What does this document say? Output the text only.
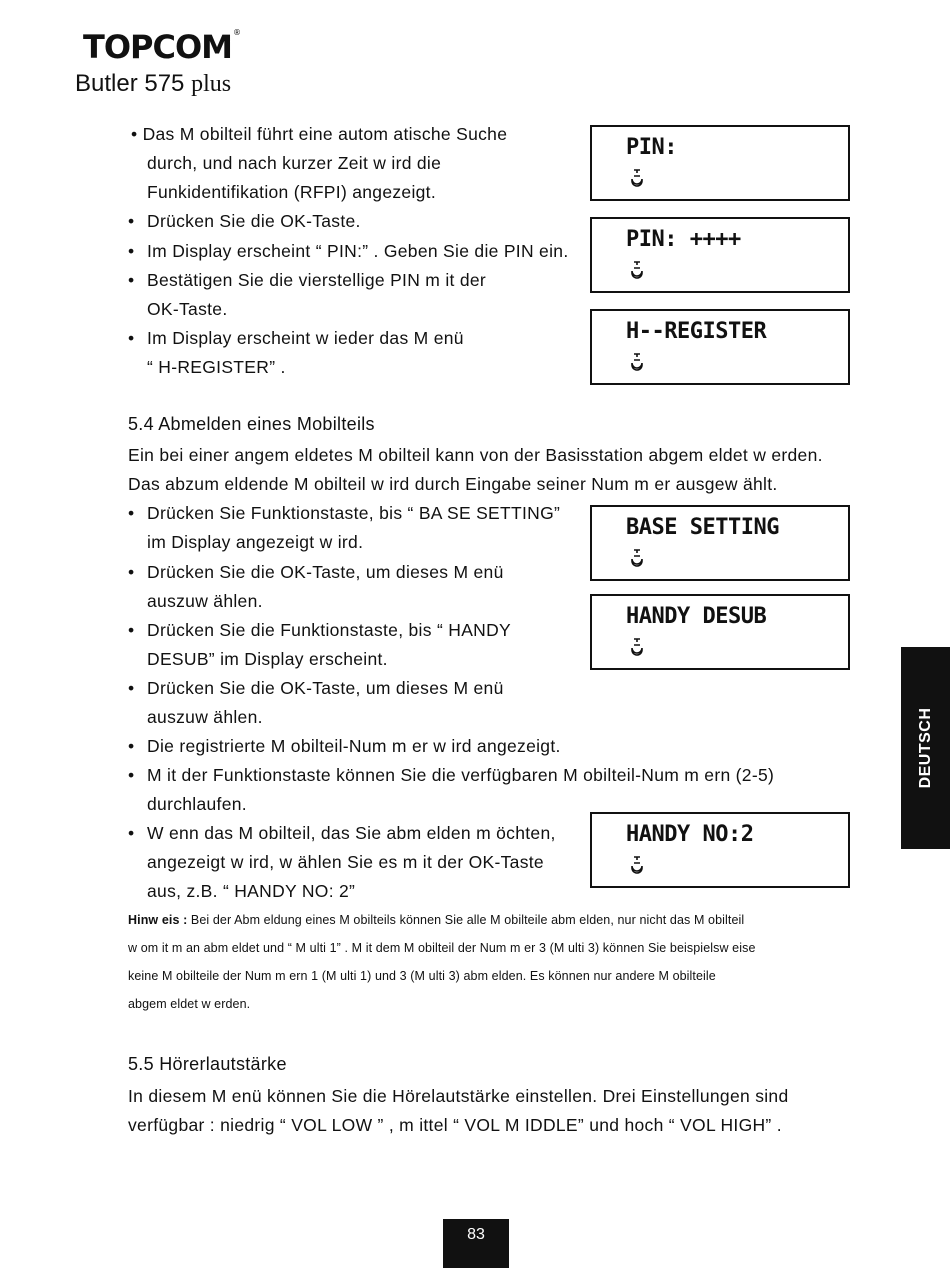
TOPCOM®
Butler 575 plus
• Das M obilteil führt eine autom atische Suche
durch, und nach kurzer Zeit w ird die
Funkidentifikation (RFPI) angezeigt.
• Drücken Sie die OK-Taste.
• Im Display erscheint “ PIN:” . Geben Sie die PIN ein.
• Bestätigen Sie die vierstellige PIN m it der
OK-Taste.
• Im Display erscheint w ieder das M enü
“ H-REGISTER” .
PIN:
PIN: ++++
H--REGISTER
BASE SETTING
HANDY DESUB
HANDY NO:2
5.4 Abmelden eines Mobilteils
Ein bei einer angem eldetes M obilteil kann von der Basisstation abgem eldet w erden.
Das abzum eldende M obilteil w ird durch Eingabe seiner Num m er ausgew ählt.
• Drücken Sie Funktionstaste, bis “ BA SE SETTING”
im Display angezeigt w ird.
• Drücken Sie die OK-Taste, um dieses M enü
auszuw ählen.
• Drücken Sie die Funktionstaste, bis “ HANDY
DESUB” im Display erscheint.
• Drücken Sie die OK-Taste, um dieses M enü
auszuw ählen.
• Die registrierte M obilteil-Num m er w ird angezeigt.
• M it der Funktionstaste können Sie die verfügbaren M obilteil-Num m ern (2-5)
durchlaufen.
• W enn das M obilteil, das Sie abm elden m öchten,
angezeigt w ird, w ählen Sie es m it der OK-Taste
aus, z.B. “ HANDY NO: 2”
Hinw eis : Bei der Abm eldung eines M obilteils können Sie alle M obilteile abm elden, nur nicht das M obilteil
w om it m an abm eldet und “ M ulti 1” . M it dem M obilteil der Num m er 3 (M ulti 3) können Sie beispielsw eise
keine M obilteile der Num m ern 1 (M ulti 1) und 3 (M ulti 3) abm elden. Es können nur andere M obilteile
abgem eldet w erden.
5.5 Hörerlautstärke
In diesem M enü können Sie die Hörelautstärke einstellen. Drei Einstellungen sind
verfügbar : niedrig “ VOL LOW ” , m ittel “ VOL M IDDLE” und hoch “ VOL HIGH” .
DEUTSCH
83
